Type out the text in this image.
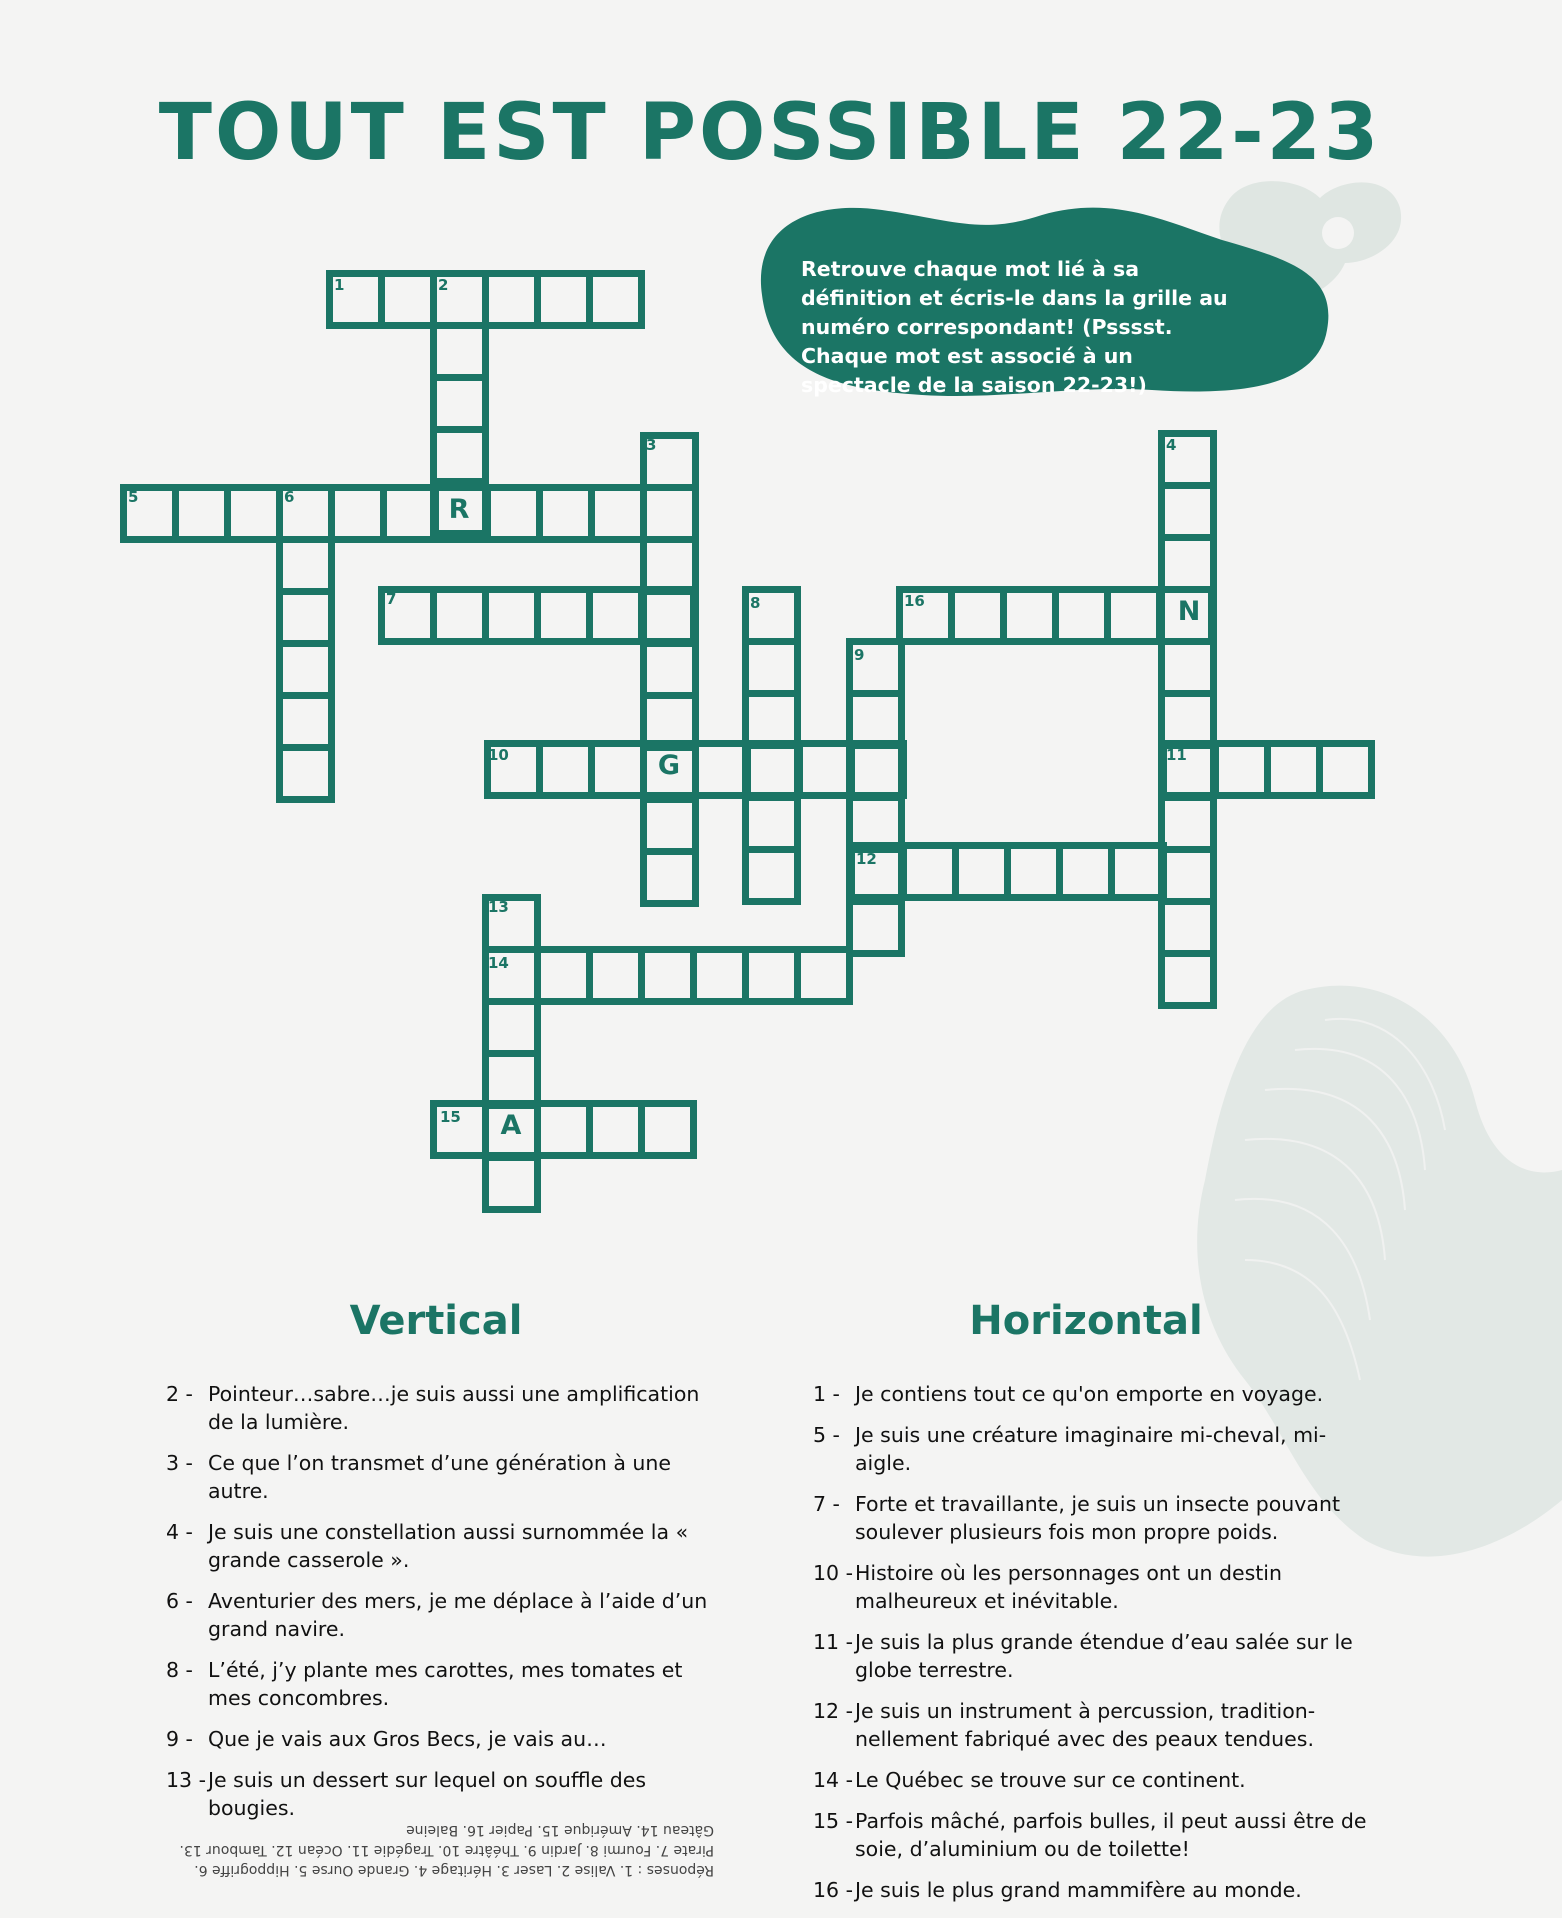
TOUT EST POSSIBLE 22-23
Retrouve chaque mot lié à sa définition et écris-le dans la grille au numéro correspondant! (Psssst. Chaque mot est associé à un spectacle de la saison 22-23!)
1	2
3	4
5	6
7	8
9
10	11
12
13
14
15
16
R
N
G
A
Vertical	Horizontal
2 - Pointeur…sabre…je suis aussi une amplification de la lumière.
3 - Ce que l’on transmet d’une génération à une autre.
4 - Je suis une constellation aussi surnommée la « grande casserole ».
6 - Aventurier des mers, je me déplace à l’aide d’un grand navire.
8 - L’été, j’y plante mes carottes, mes tomates et mes concombres.
9 - Que je vais aux Gros Becs, je vais au…
13 - Je suis un dessert sur lequel on souffle des bougies.
1 - Je contiens tout ce qu'on emporte en voyage.
5 - Je suis une créature imaginaire mi-cheval, mi-aigle.
7 - Forte et travaillante, je suis un insecte pouvant soulever plusieurs fois mon propre poids.
10 - Histoire où les personnages ont un destin malheureux et inévitable.
11 - Je suis la plus grande étendue d’eau salée sur le globe terrestre.
12 - Je suis un instrument à percussion, tradition-nellement fabriqué avec des peaux tendues.
14 - Le Québec se trouve sur ce continent.
15 - Parfois mâché, parfois bulles, il peut aussi être de soie, d’aluminium ou de toilette!
16 - Je suis le plus grand mammifère au monde.
Réponses : 1. Valise 2. Laser 3. Héritage 4. Grande Ourse 5. Hippogriffe 6. Pirate 7. Fourmi 8. Jardin 9. Théâtre 10. Tragédie 11. Océan 12. Tambour 13. Gâteau 14. Amérique 15. Papier 16. Baleine
